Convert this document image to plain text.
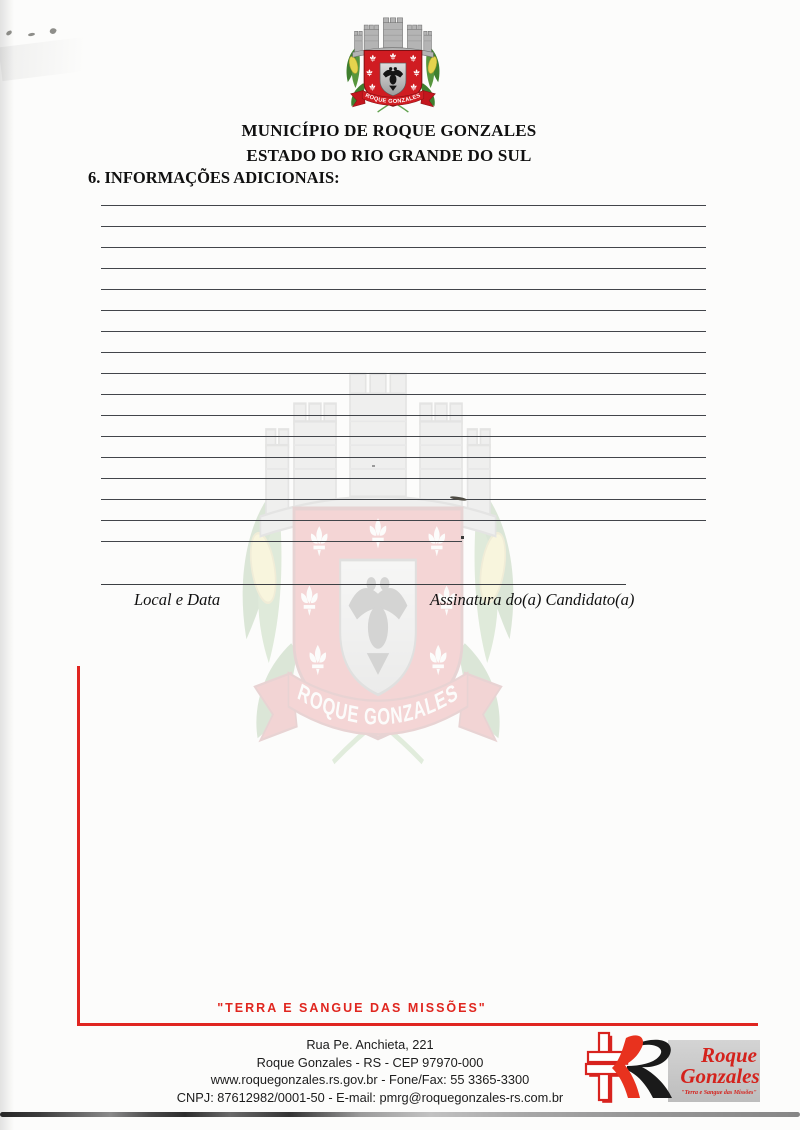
MUNICÍPIO DE ROQUE GONZALES
ESTADO DO RIO GRANDE DO SUL
6. INFORMAÇÕES ADICIONAIS:
Local e Data	Assinatura do(a) Candidato(a)
"TERRA E SANGUE DAS MISSÕES"
Rua Pe. Anchieta, 221
Roque Gonzales - RS - CEP 97970-000
www.roquegonzales.rs.gov.br - Fone/Fax: 55 3365-3300
CNPJ: 87612982/0001-50 - E-mail: pmrg@roquegonzales-rs.com.br
Roque
Gonzales
"Terra e Sangue das Missões"
